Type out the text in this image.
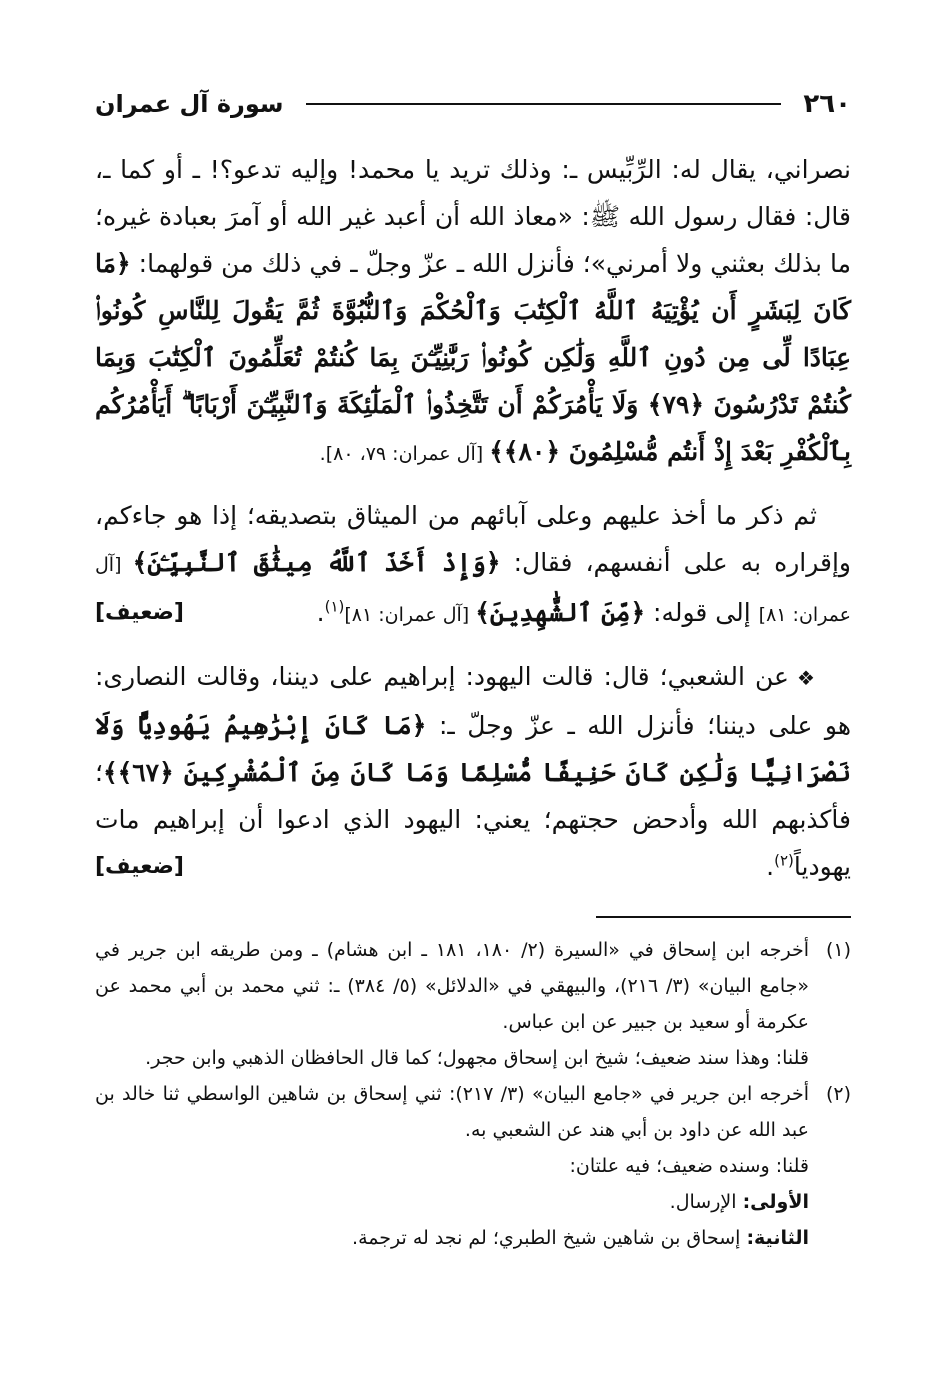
٢٦٠
سورة آل عمران

نصراني، يقال له: الرِّبِّيس ـ: وذلك تريد يا محمد! وإليه تدعو؟! ـ أو كما ـ، قال: فقال رسول الله ﷺ: «معاذ الله أن أعبد غير الله أو آمرَ بعبادة غيره؛ ما بذلك بعثني ولا أمرني»؛ فأنزل الله ـ عزّ وجلّ ـ في ذلك من قولهما: ﴿مَا كَانَ لِبَشَرٍ أَن يُؤْتِيَهُ ٱللَّهُ ٱلْكِتَٰبَ وَٱلْحُكْمَ وَٱلنُّبُوَّةَ ثُمَّ يَقُولَ لِلنَّاسِ كُونُوا۟ عِبَادًا لِّى مِن دُونِ ٱللَّهِ وَلَٰكِن كُونُوا۟ رَبَّٰنِيِّـۧنَ بِمَا كُنتُمْ تُعَلِّمُونَ ٱلْكِتَٰبَ وَبِمَا كُنتُمْ تَدْرُسُونَ ﴿٧٩﴾ وَلَا يَأْمُرَكُمْ أَن تَتَّخِذُوا۟ ٱلْمَلَٰٓئِكَةَ وَٱلنَّبِيِّـۧنَ أَرْبَابًا ۗ أَيَأْمُرُكُم بِٱلْكُفْرِ بَعْدَ إِذْ أَنتُم مُّسْلِمُونَ ﴿٨٠﴾﴾ [آل عمران: ٧٩، ٨٠].

ثم ذكر ما أخذ عليهم وعلى آبائهم من الميثاق بتصديقه؛ إذا هو جاءكم، وإقراره به على أنفسهم، فقال: ﴿وَإِذْ أَخَذَ ٱللَّهُ مِيثَٰقَ ٱلنَّبِيِّـۧنَ﴾ [آل عمران: ٨١] إلى قوله: ﴿مِّنَ ٱلشَّٰهِدِينَ﴾ [آل عمران: ٨١]$^{(١)}$.
[ضعيف]

❖عن الشعبي؛ قال: قالت اليهود: إبراهيم على ديننا، وقالت النصارى: هو على ديننا؛ فأنزل الله ـ عزّ وجلّ ـ: ﴿مَا كَانَ إِبْرَٰهِيمُ يَهُودِيًّا وَلَا نَصْرَانِيًّا وَلَٰكِن كَانَ حَنِيفًا مُّسْلِمًا وَمَا كَانَ مِنَ ٱلْمُشْرِكِينَ ﴿٦٧﴾﴾؛ فأكذبهم الله وأدحض حجتهم؛ يعني: اليهود الذي ادعوا أن إبراهيم مات يهودياً$^{(٢)}$.
[ضعيف]

(١)
أخرجه ابن إسحاق في «السيرة (٢/ ١٨٠، ١٨١ ـ ابن هشام) ـ ومن طريقه ابن جرير في «جامع البيان» (٣/ ٢١٦)، والبيهقي في «الدلائل» (٥/ ٣٨٤) ـ: ثني محمد بن أبي محمد عن عكرمة أو سعيد بن جبير عن ابن عباس.
قلنا: وهذا سند ضعيف؛ شيخ ابن إسحاق مجهول؛ كما قال الحافظان الذهبي وابن حجر.
(٢)
أخرجه ابن جرير في «جامع البيان» (٣/ ٢١٧): ثني إسحاق بن شاهين الواسطي ثنا خالد بن عبد الله عن داود بن أبي هند عن الشعبي به.
قلنا: وسنده ضعيف؛ فيه علتان:
الأولى: الإرسال.
الثانية: إسحاق بن شاهين شيخ الطبري؛ لم نجد له ترجمة.
